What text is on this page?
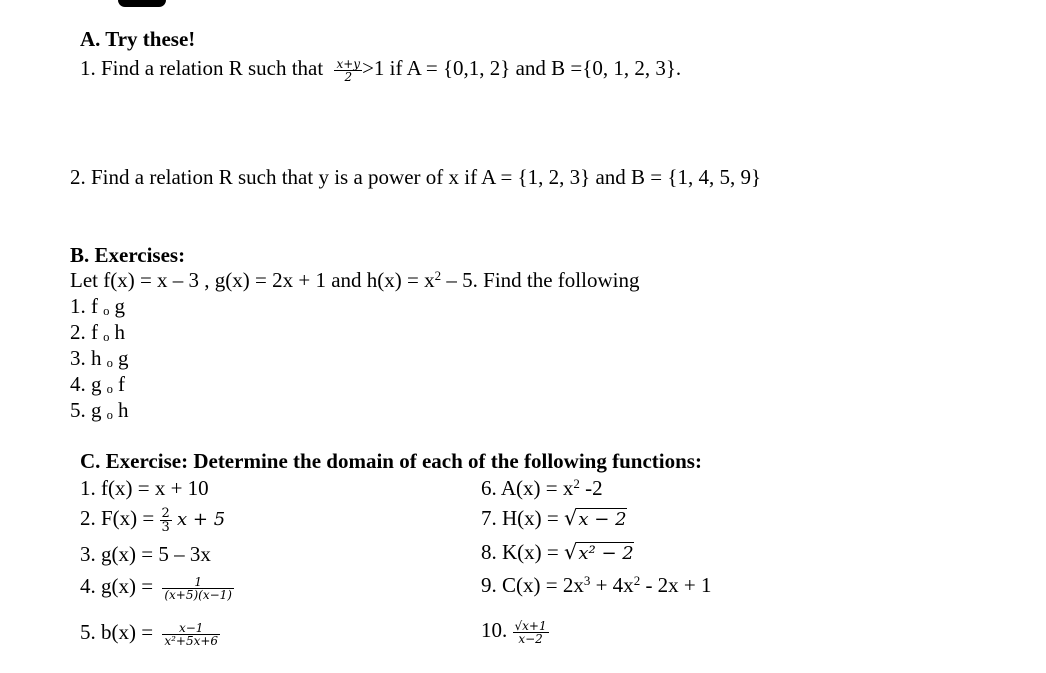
A. Try these!
1. Find a relation R such that $\frac{x+y}{2} >1$ if A = {0,1, 2} and B ={0, 1, 2, 3}.
2. Find a relation R such that y is a power of x if A = {1, 2, 3} and B = {1, 4, 5, 9}
B. Exercises:
Let f(x) = x – 3 , g(x) = 2x + 1 and $h(x) = x^2 - 5$. Find the following
1. f ₒ g
2. f ₒ h
3. h ₒ g
4. g ₒ f
5. g ₒ h
C. Exercise: Determine the domain of each of the following functions:
1. f(x) = x + 10
2. $F(x) = \frac{2}{3}$ x + 5
3. g(x) = 5 – 3x
4. $g(x) = \frac{1}{(x+5)(x-1)}$
5. $b(x) = \frac{x-1}{\text{x²+5x+6}}$
6. $A(x) = x^2$ -2
7. H(x) = √x − 2
8. K(x) = √x² − 2
9. $C(x) = 2x^3 + 4x^2 - 2x + 1$
10. $\frac{√x+1}{x-2}$
